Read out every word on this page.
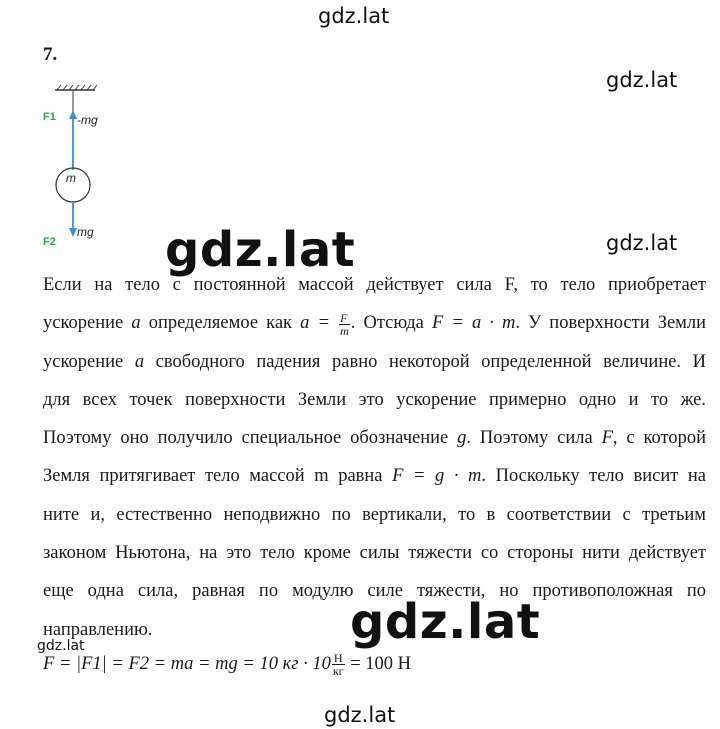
gdz.lat
gdz.lat
gdz.lat	gdz.lat
7.
F1 -mg
m
mg
F2
Если на тело с постоянной массой действует сила F, то тело приобретает
ускорение a определяемое как $a = \frac{F}{m}$ . Отсюда F = a · m. У поверхности Земли
ускорение a свободного падения равно некоторой определенной величине. И
для всех точек поверхности Земли это ускорение примерно одно и то же.
Поэтому оно получило специальное обозначение g. Поэтому сила F, с которой
Земля притягивает тело массой m равна F = g · m. Поскольку тело висит на
ните и, естественно неподвижно по вертикали, то в соответствии с третьим
законом Ньютона, на это тело кроме силы тяжести со стороны нити действует
еще одна сила, равная по модулю силе тяжести, но противоположная по
направлению.	gdz.lat
gdz.lat
F = |F1| = F2 = ma = mg = 10 кг · $10 \frac{Н}{кг} = 100$ Н
gdz.lat
